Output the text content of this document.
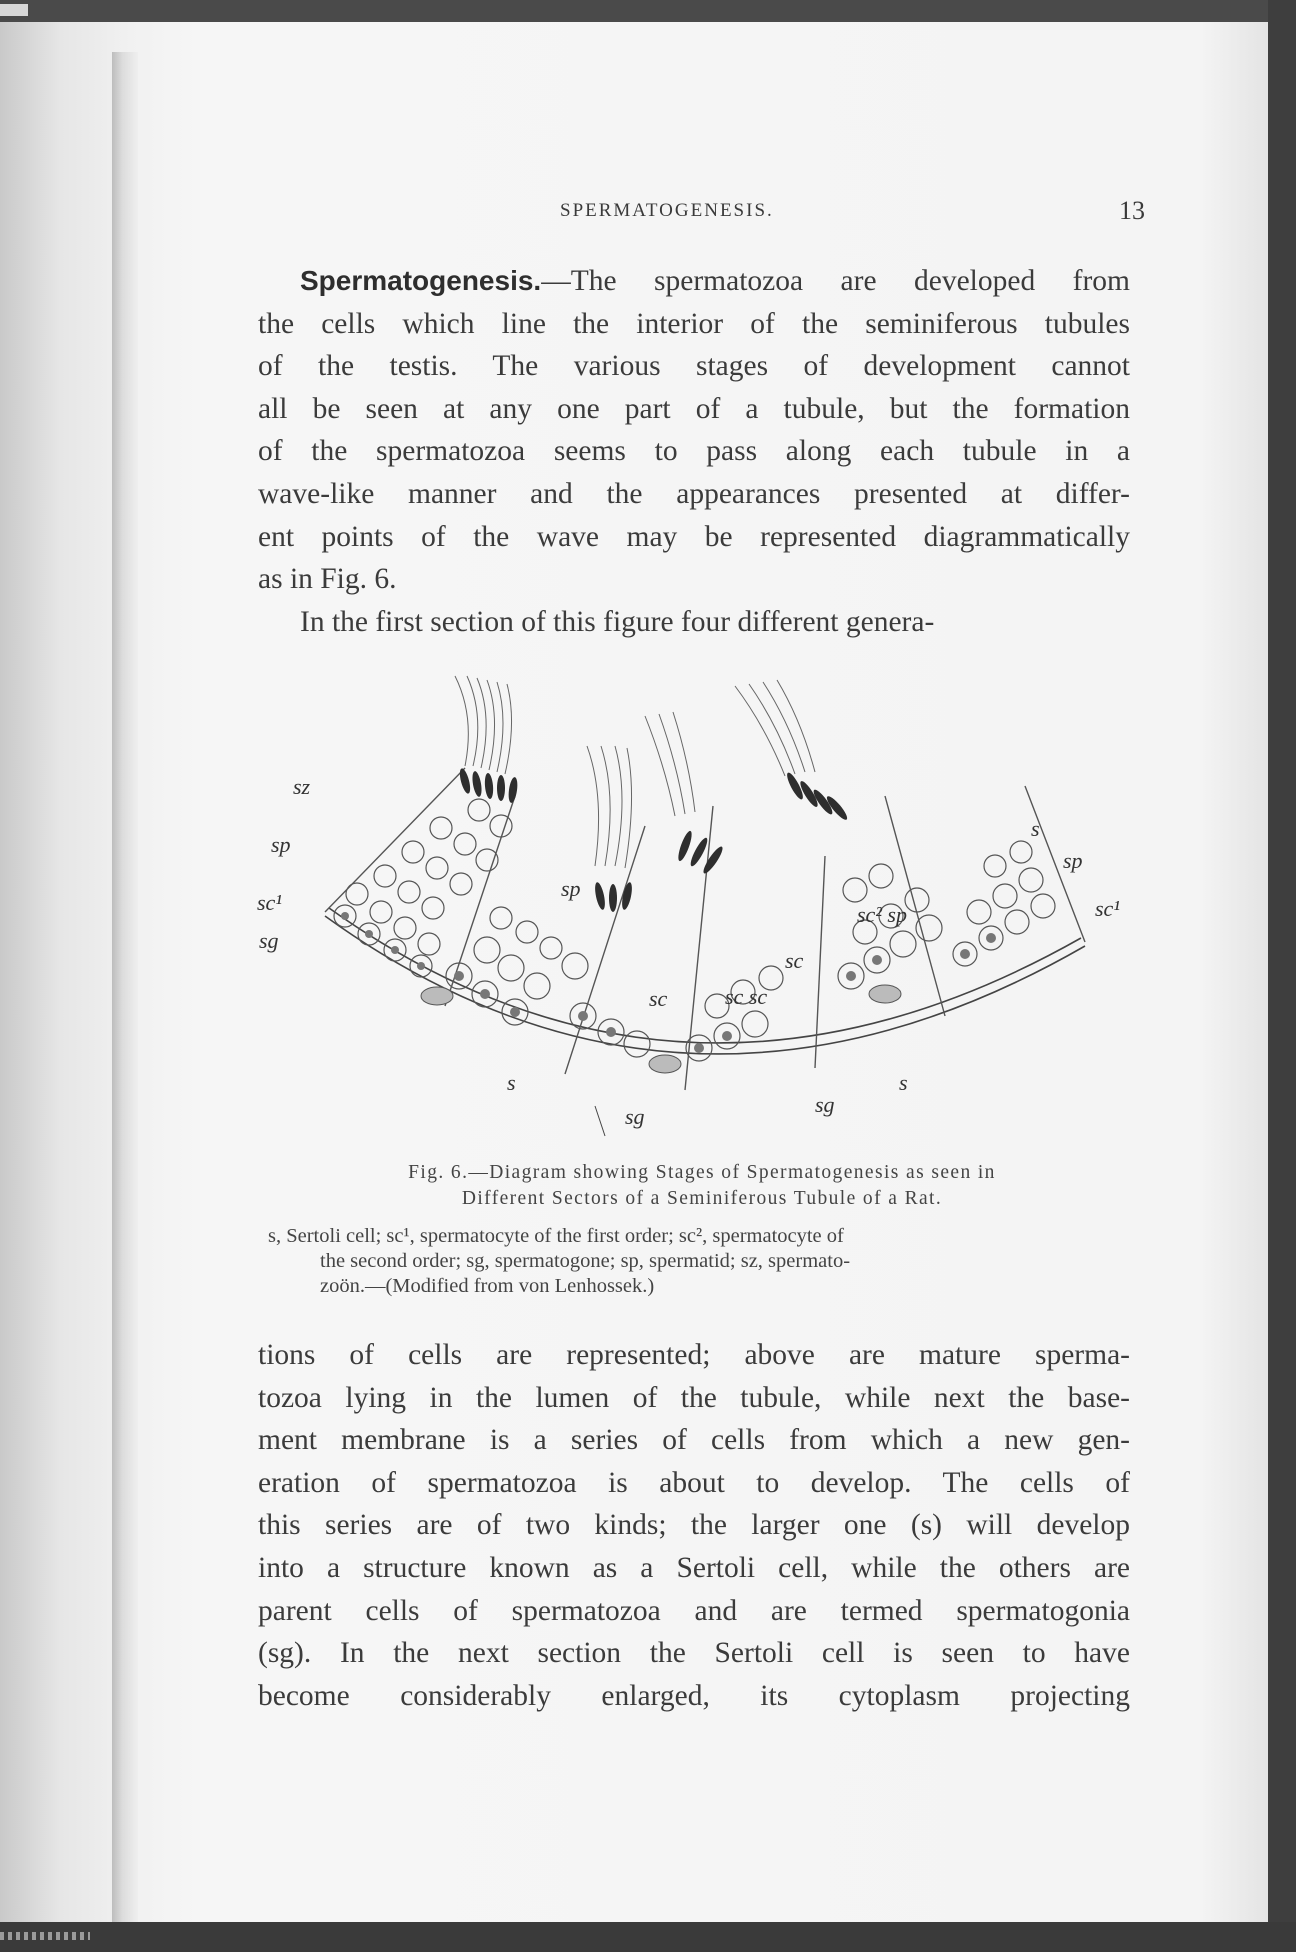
SPERMATOGENESIS.	13
Spermatogenesis.—The spermatozoa are developed from
the cells which line the interior of the seminiferous tubules
of the testis. The various stages of development cannot
all be seen at any one part of a tubule, but the formation
of the spermatozoa seems to pass along each tubule in a
wave-like manner and the appearances presented at differ-
ent points of the wave may be represented diagrammatically
as in Fig. 6.
In the first section of this figure four different genera-
sz
sp
sc¹
sg
sp
sc	sc sc
sc
sc² sp
s
sp
sc¹
s
sg	sg
s
Fig. 6.—Diagram showing Stages of Spermatogenesis as seen in
Different Sectors of a Seminiferous Tubule of a Rat.
s, Sertoli cell; sc¹, spermatocyte of the first order; sc², spermatocyte of
the second order; sg, spermatogone; sp, spermatid; sz, spermato-
zoön.—(Modified from von Lenhossek.)
tions of cells are represented; above are mature sperma-
tozoa lying in the lumen of the tubule, while next the base-
ment membrane is a series of cells from which a new gen-
eration of spermatozoa is about to develop. The cells of
this series are of two kinds; the larger one (s) will develop
into a structure known as a Sertoli cell, while the others are
parent cells of spermatozoa and are termed spermatogonia
(sg). In the next section the Sertoli cell is seen to have
become considerably enlarged, its cytoplasm projecting
